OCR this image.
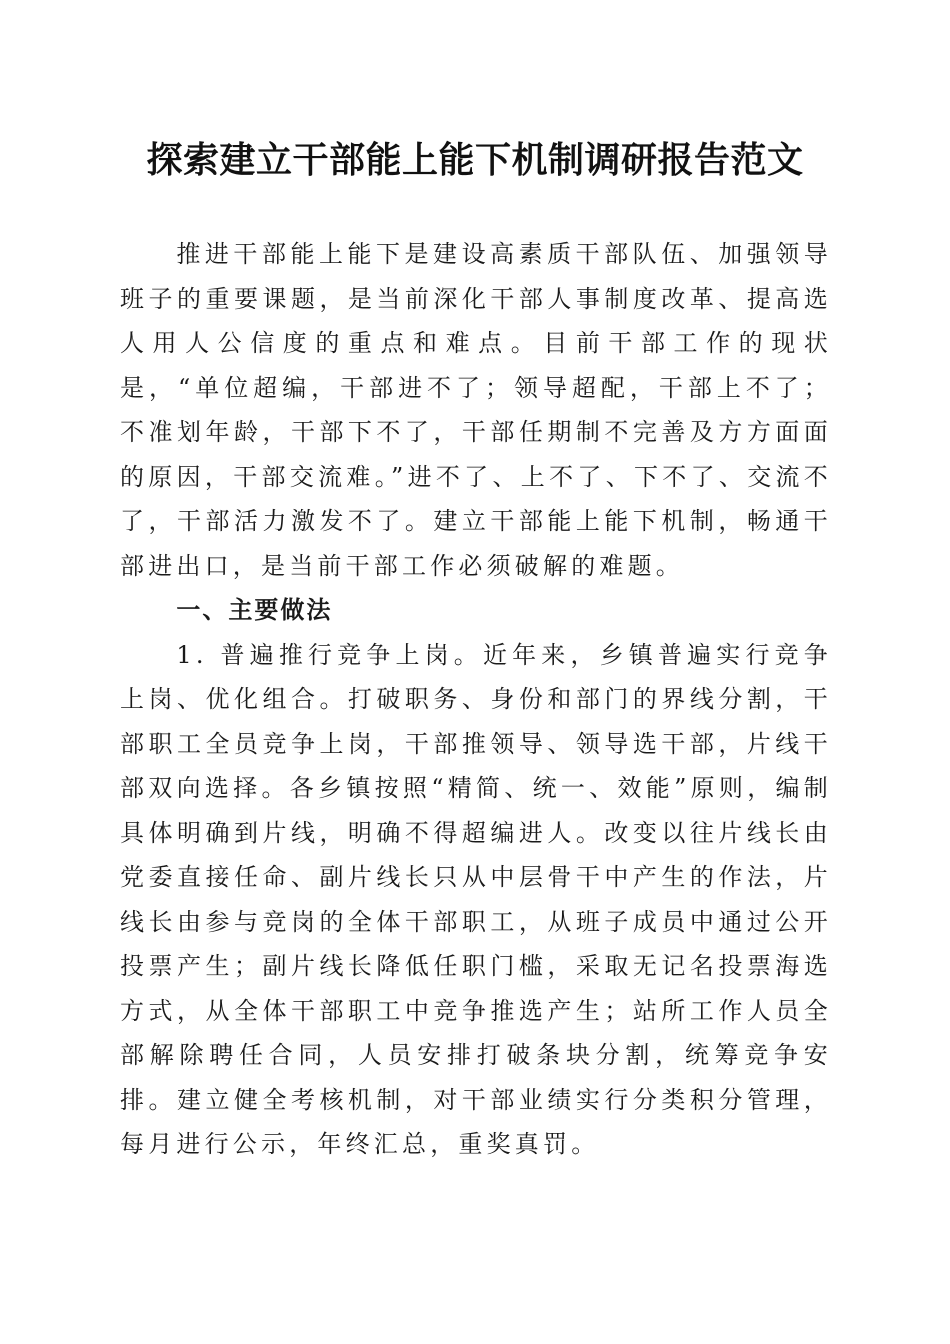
探索建立干部能上能下机制调研报告范文

推进干部能上能下是建设高素质干部队伍、加强领导班子的重要课题，是当前深化干部人事制度改革、提高选人用人公信度的重点和难点。目前干部工作的现状是，“单位超编，干部进不了；领导超配，干部上不了；不准划年龄，干部下不了，干部任期制不完善及方方面面的原因，干部交流难。”进不了、上不了、下不了、交流不了，干部活力激发不了。建立干部能上能下机制，畅通干部进出口，是当前干部工作必须破解的难题。

一、主要做法

1. 普遍推行竞争上岗。近年来，乡镇普遍实行竞争上岗、优化组合。打破职务、身份和部门的界线分割，干部职工全员竞争上岗，干部推领导、领导选干部，片线干部双向选择。各乡镇按照“精简、统一、效能”原则，编制具体明确到片线，明确不得超编进人。改变以往片线长由党委直接任命、副片线长只从中层骨干中产生的作法，片线长由参与竞岗的全体干部职工，从班子成员中通过公开投票产生；副片线长降低任职门槛，采取无记名投票海选方式，从全体干部职工中竞争推选产生；站所工作人员全部解除聘任合同，人员安排打破条块分割，统筹竞争安排。建立健全考核机制，对干部业绩实行分类积分管理，每月进行公示，年终汇总，重奖真罚。
